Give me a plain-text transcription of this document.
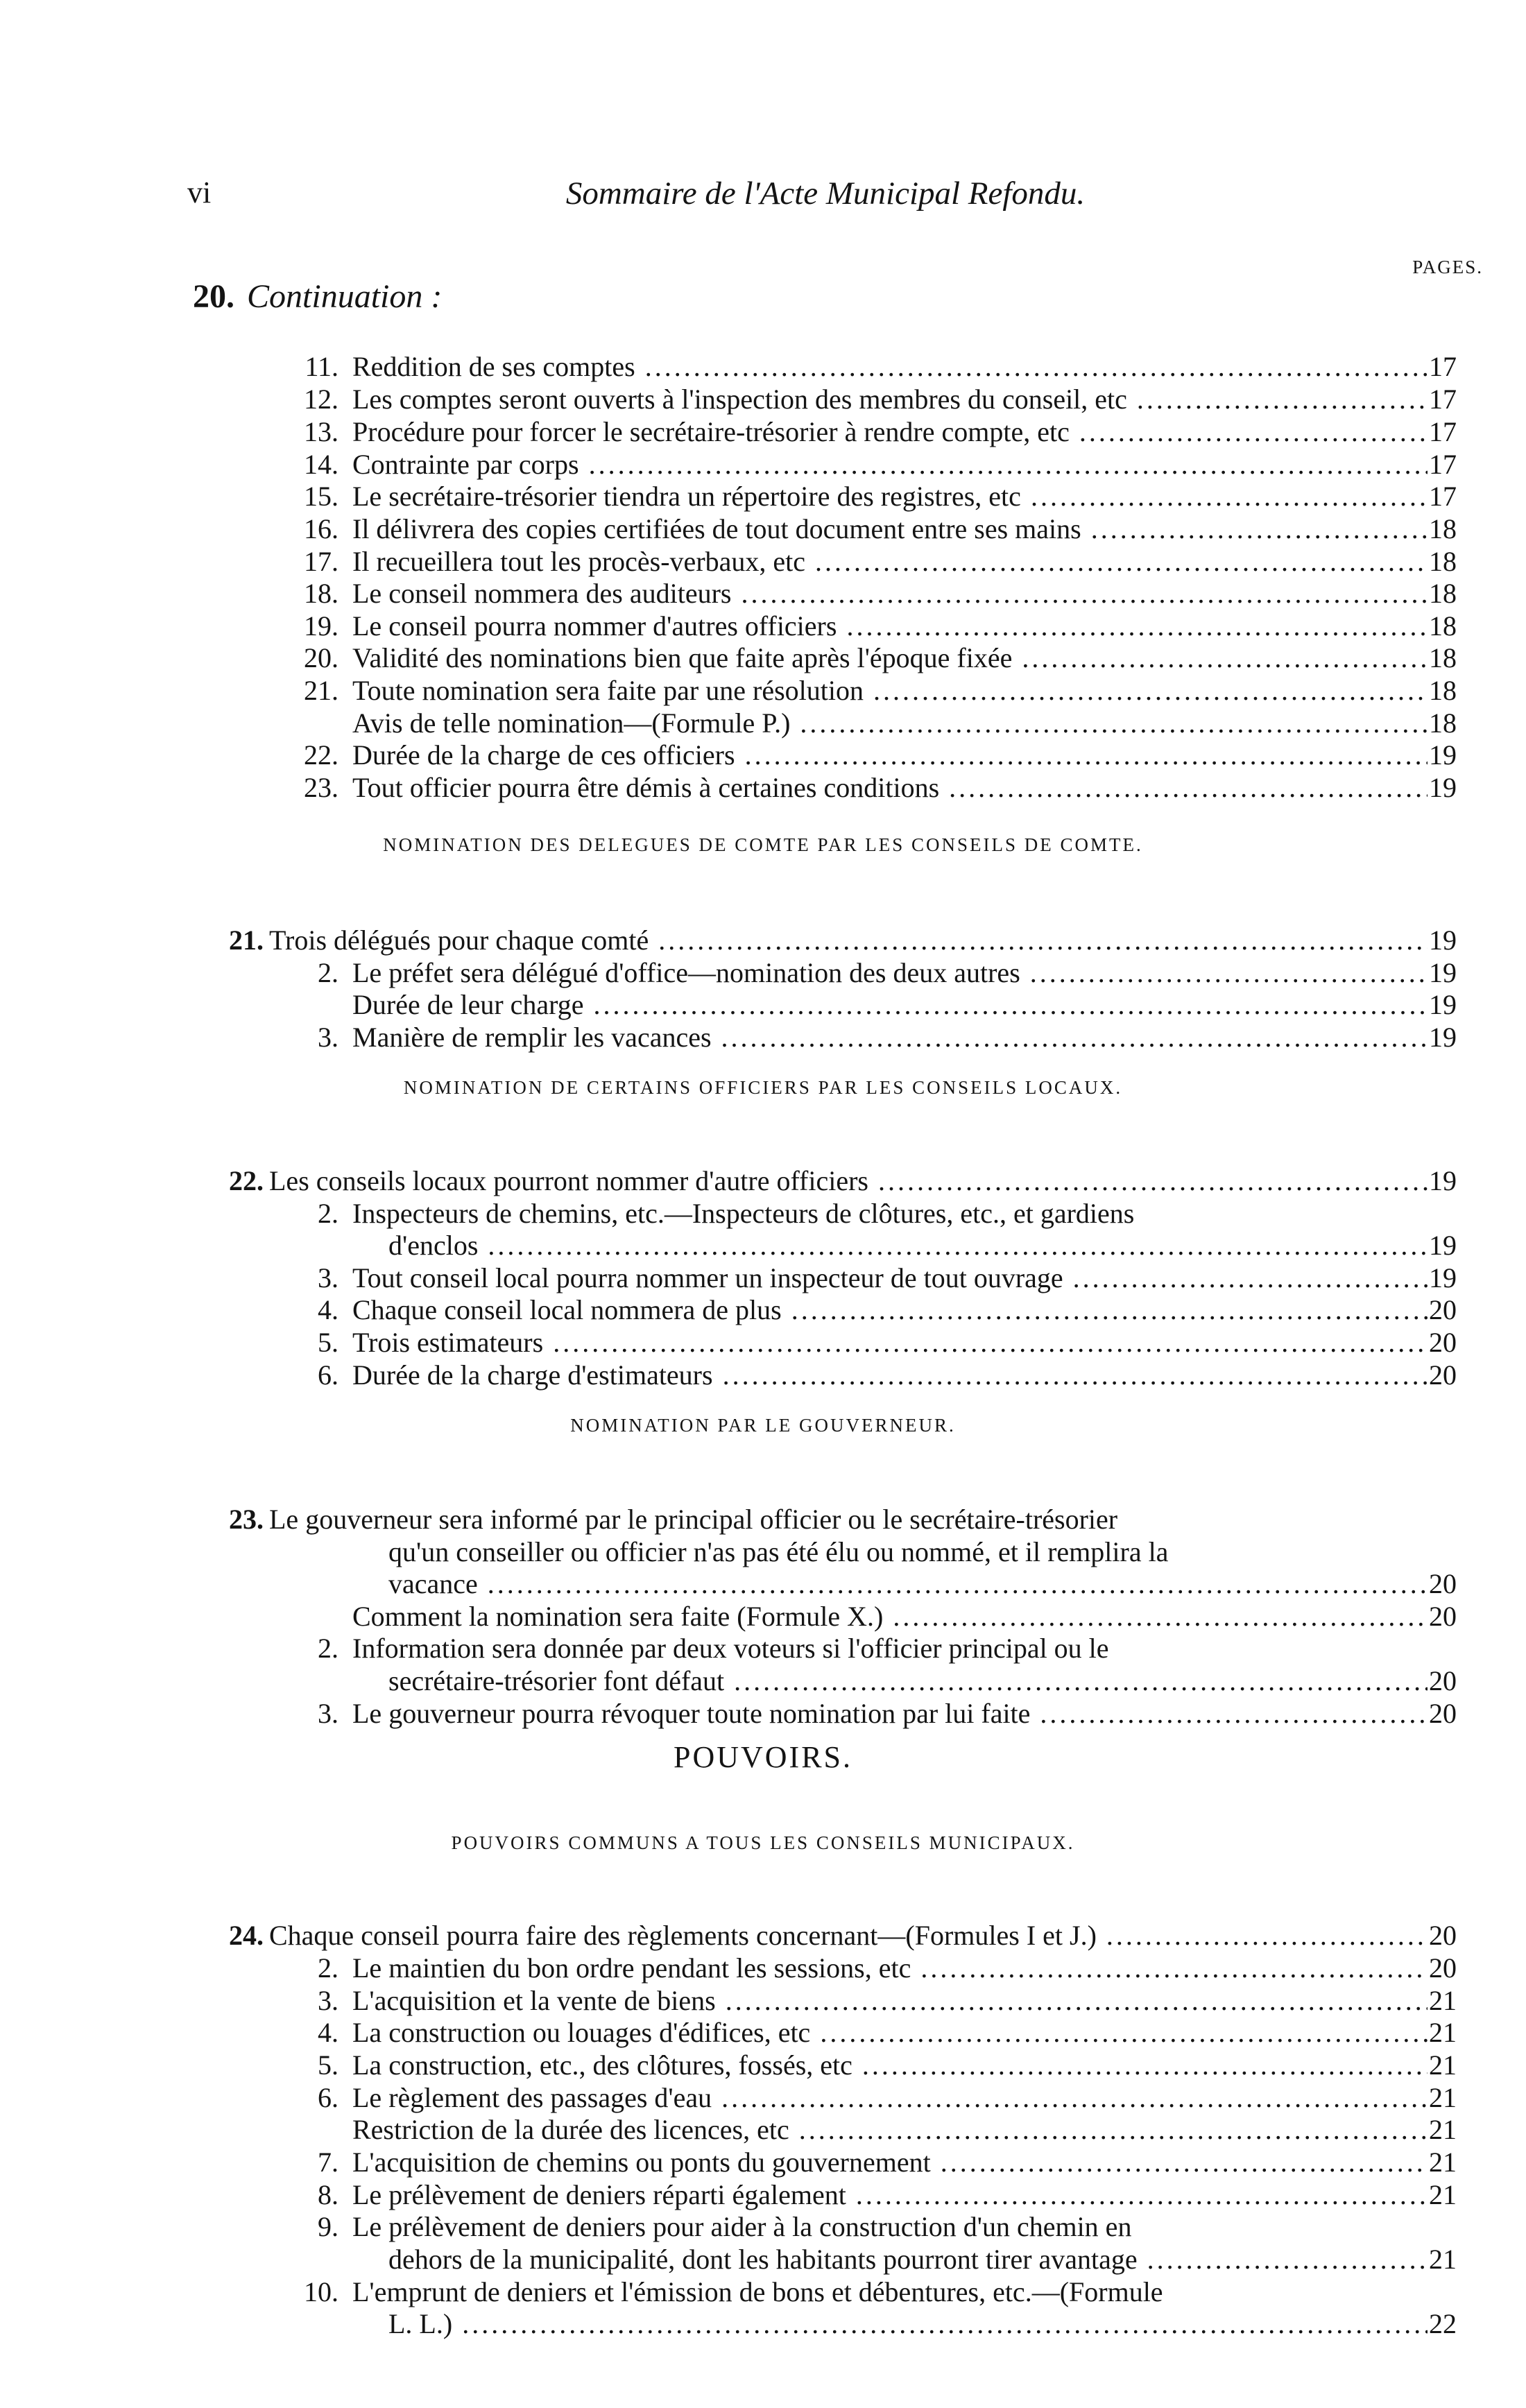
vi	Sommaire de l'Acte Municipal Refondu.
PAGES.
20. Continuation :
NOMINATION DES DELEGUES DE COMTE PAR LES CONSEILS DE COMTE.
NOMINATION DE CERTAINS OFFICIERS PAR LES CONSEILS LOCAUX.
NOMINATION PAR LE GOUVERNEUR.
POUVOIRS.
POUVOIRS COMMUNS A TOUS LES CONSEILS MUNICIPAUX.
11. Reddition de ses comptes .....	17
12. Les comptes seront ouverts à l'inspection des membres du conseil, etc .....	17
13. Procédure pour forcer le secrétaire-trésorier à rendre compte, etc .....	17
14. Contrainte par corps .....	17
15. Le secrétaire-trésorier tiendra un répertoire des registres, etc .....	17
16. Il délivrera des copies certifiées de tout document entre ses mains .....	18
17. Il recueillera tout les procès-verbaux, etc .....	18
18. Le conseil nommera des auditeurs .....	18
19. Le conseil pourra nommer d'autres officiers .....	18
20. Validité des nominations bien que faite après l'époque fixée .....	18
21. Toute nomination sera faite par une résolution .....	18
Avis de telle nomination—(Formule P.) .....	18
22. Durée de la charge de ces officiers .....	19
23. Tout officier pourra être démis à certaines conditions .....	19
21. Trois délégués pour chaque comté .....	19
2. Le préfet sera délégué d'office—nomination des deux autres .....	19
Durée de leur charge .....	19
3. Manière de remplir les vacances .....	19
22. Les conseils locaux pourront nommer d'autre officiers .....	19
2. Inspecteurs de chemins, etc.—Inspecteurs de clôtures, etc., et gardiens
d'enclos .....	19
3. Tout conseil local pourra nommer un inspecteur de tout ouvrage .....	19
4. Chaque conseil local nommera de plus .....	20
5. Trois estimateurs .....	20
6. Durée de la charge d'estimateurs .....	20
23. Le gouverneur sera informé par le principal officier ou le secrétaire-trésorier
qu'un conseiller ou officier n'as pas été élu ou nommé, et il remplira la
vacance .....	20
Comment la nomination sera faite (Formule X.) .....	20
2. Information sera donnée par deux voteurs si l'officier principal ou le
secrétaire-trésorier font défaut .....	20
3. Le gouverneur pourra révoquer toute nomination par lui faite .....	20
24. Chaque conseil pourra faire des règlements concernant—(Formules I et J.) .....	20
2. Le maintien du bon ordre pendant les sessions, etc .....	20
3. L'acquisition et la vente de biens .....	21
4. La construction ou louages d'édifices, etc .....	21
5. La construction, etc., des clôtures, fossés, etc .....	21
6. Le règlement des passages d'eau .....	21
Restriction de la durée des licences, etc .....	21
7. L'acquisition de chemins ou ponts du gouvernement .....	21
8. Le prélèvement de deniers réparti également .....	21
9. Le prélèvement de deniers pour aider à la construction d'un chemin en
dehors de la municipalité, dont les habitants pourront tirer avantage .....	21
10. L'emprunt de deniers et l'émission de bons et débentures, etc.—(Formule
L. L.) .....	22
